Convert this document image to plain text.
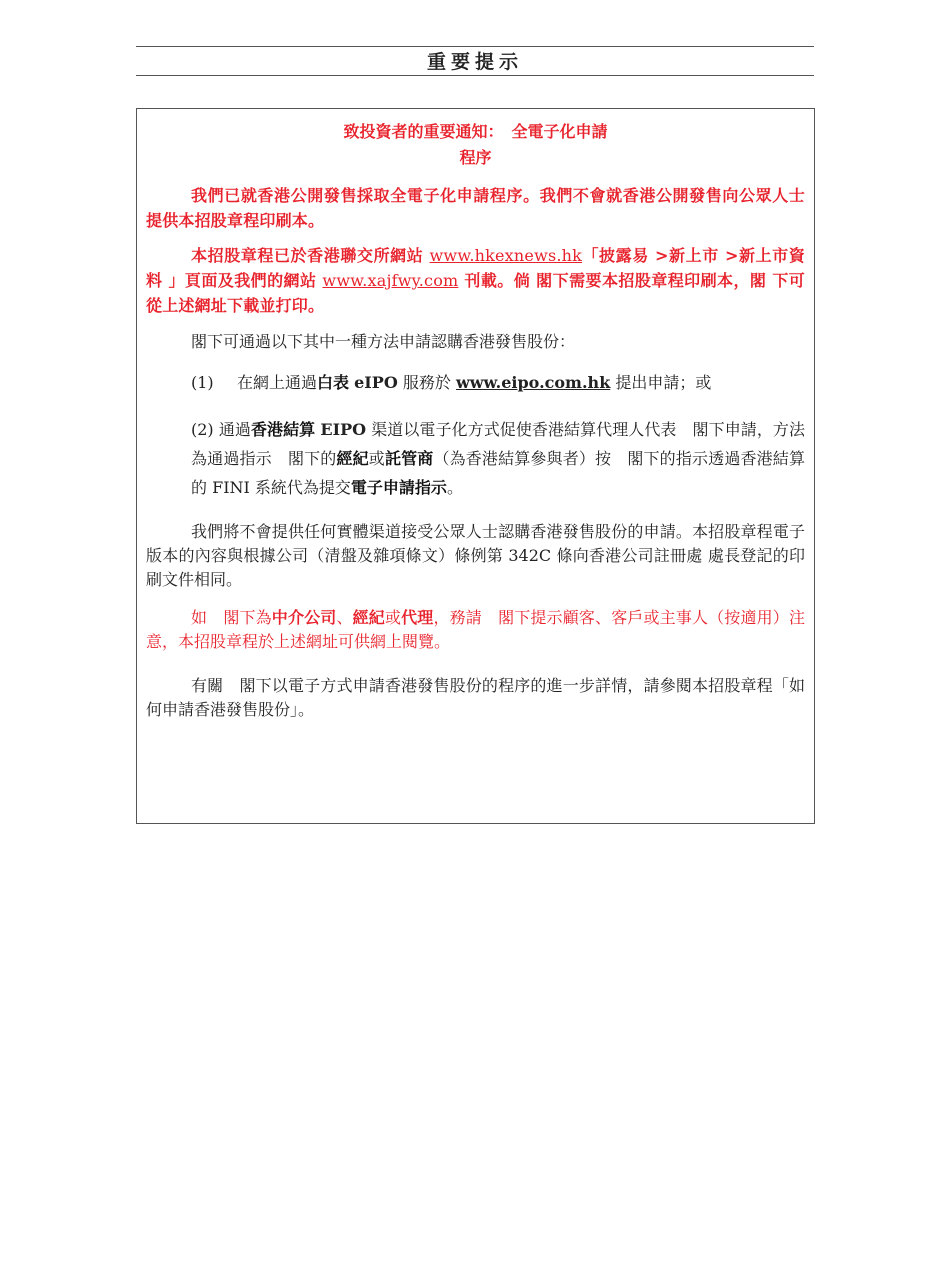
重要提示

致投資者的重要通知：　全電子化申請
程序

我們已就香港公開發售採取全電子化申請程序。我們不會就香港公開發售向公眾人士提供本招股章程印刷本。

本招股章程已於香港聯交所網站 www.hkexnews.hk「披露易 >新上市 >新上市資 料 」頁面及我們的網站 www.xajfwy.com 刊載。倘 閣下需要本招股章程印刷本，閣 下可從上述網址下載並打印。

閣下可通過以下其中一種方法申請認購香港發售股份：

(1)	在網上通過白表 eIPO 服務於 www.eipo.com.hk 提出申請；或
(2) 通過香港結算 EIPO 渠道以電子化方式促使香港結算代理人代表　閣下申請，方法為通過指示　閣下的經紀或託管商（為香港結算參與者）按　閣下的指示透過香港結算的 FINI 系統代為提交電子申請指示。

我們將不會提供任何實體渠道接受公眾人士認購香港發售股份的申請。本招股章程電子版本的內容與根據公司（清盤及雜項條文）條例第 342C 條向香港公司註冊處 處長登記的印刷文件相同。

如　閣下為中介公司、經紀或代理，務請　閣下提示顧客、客戶或主事人（按適用）注意，本招股章程於上述網址可供網上閱覽。

有關　閣下以電子方式申請香港發售股份的程序的進一步詳情，請參閱本招股章程「如何申請香港發售股份」。
